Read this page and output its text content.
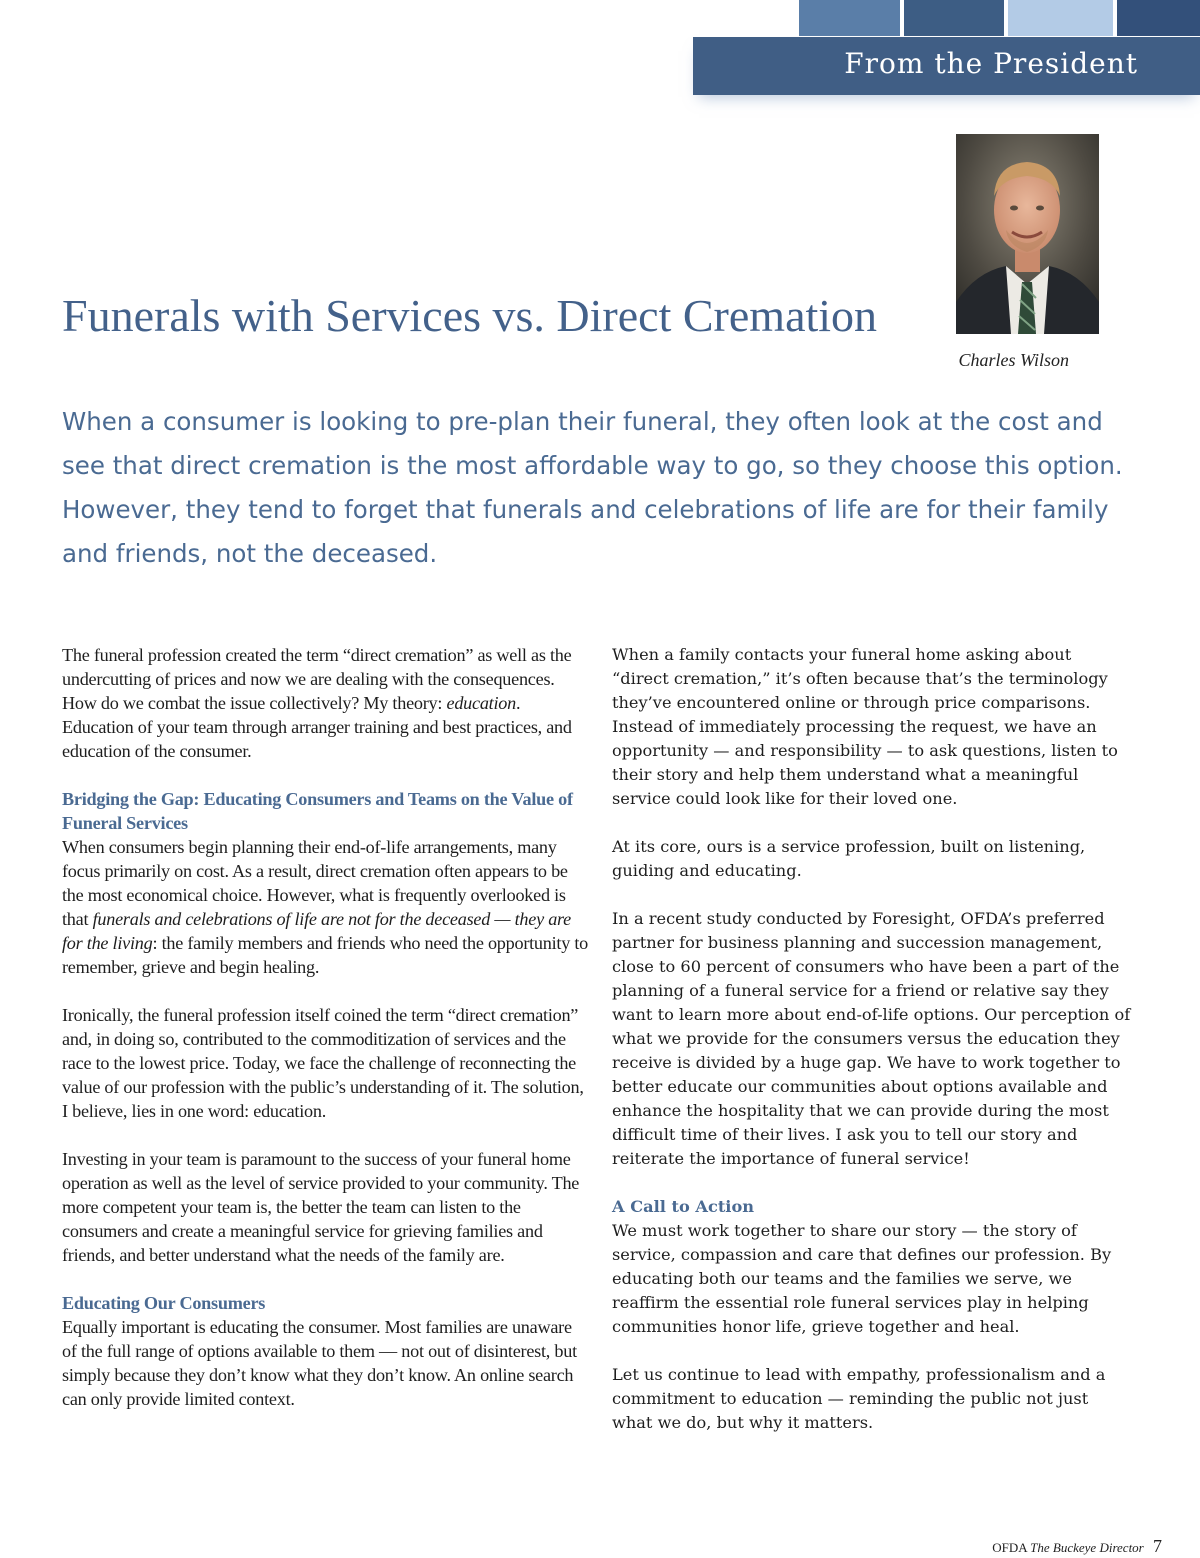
From the President
Charles Wilson
Funerals with Services vs. Direct Cremation

When a consumer is looking to pre-plan their funeral, they often look at the cost and see that direct cremation is the most affordable way to go, so they choose this option. However, they tend to forget that funerals and celebrations of life are for their family and friends, not the deceased.

The funeral profession created the term “direct cremation” as well as the undercutting of prices and now we are dealing with the consequences. How do we combat the issue collectively? My theory: education. Education of your team through arranger training and best practices, and education of the consumer.

Bridging the Gap: Educating Consumers and Teams on the Value of Funeral Services

When consumers begin planning their end-of-life arrangements, many focus primarily on cost. As a result, direct cremation often appears to be the most economical choice. However, what is frequently overlooked is that funerals and celebrations of life are not for the deceased — they are for the living: the family members and friends who need the opportunity to remember, grieve and begin healing.

Ironically, the funeral profession itself coined the term “direct cremation” and, in doing so, contributed to the commoditization of services and the race to the lowest price. Today, we face the challenge of reconnecting the value of our profession with the public’s understanding of it. The solution, I believe, lies in one word: education.

Investing in your team is paramount to the success of your funeral home operation as well as the level of service provided to your community. The more competent your team is, the better the team can listen to the consumers and create a meaningful service for grieving families and friends, and better understand what the needs of the family are.

Educating Our Consumers

Equally important is educating the consumer. Most families are unaware of the full range of options available to them — not out of disinterest, but simply because they don’t know what they don’t know. An online search can only provide limited context.

When a family contacts your funeral home asking about “direct cremation,” it’s often because that’s the terminology they’ve encountered online or through price comparisons. Instead of immediately processing the request, we have an opportunity — and responsibility — to ask questions, listen to their story and help them understand what a meaningful service could look like for their loved one.

At its core, ours is a service profession, built on listening, guiding and educating.

In a recent study conducted by Foresight, OFDA’s preferred partner for business planning and succession management, close to 60 percent of consumers who have been a part of the planning of a funeral service for a friend or relative say they want to learn more about end-of-life options. Our perception of what we provide for the consumers versus the education they receive is divided by a huge gap. We have to work together to better educate our communities about options available and enhance the hospitality that we can provide during the most difficult time of their lives. I ask you to tell our story and reiterate the importance of funeral service!

A Call to Action

We must work together to share our story — the story of service, compassion and care that defines our profession. By educating both our teams and the families we serve, we reaffirm the essential role funeral services play in helping communities honor life, grieve together and heal.

Let us continue to lead with empathy, professionalism and a commitment to education — reminding the public not just what we do, but why it matters.

OFDA The Buckeye Director 7
